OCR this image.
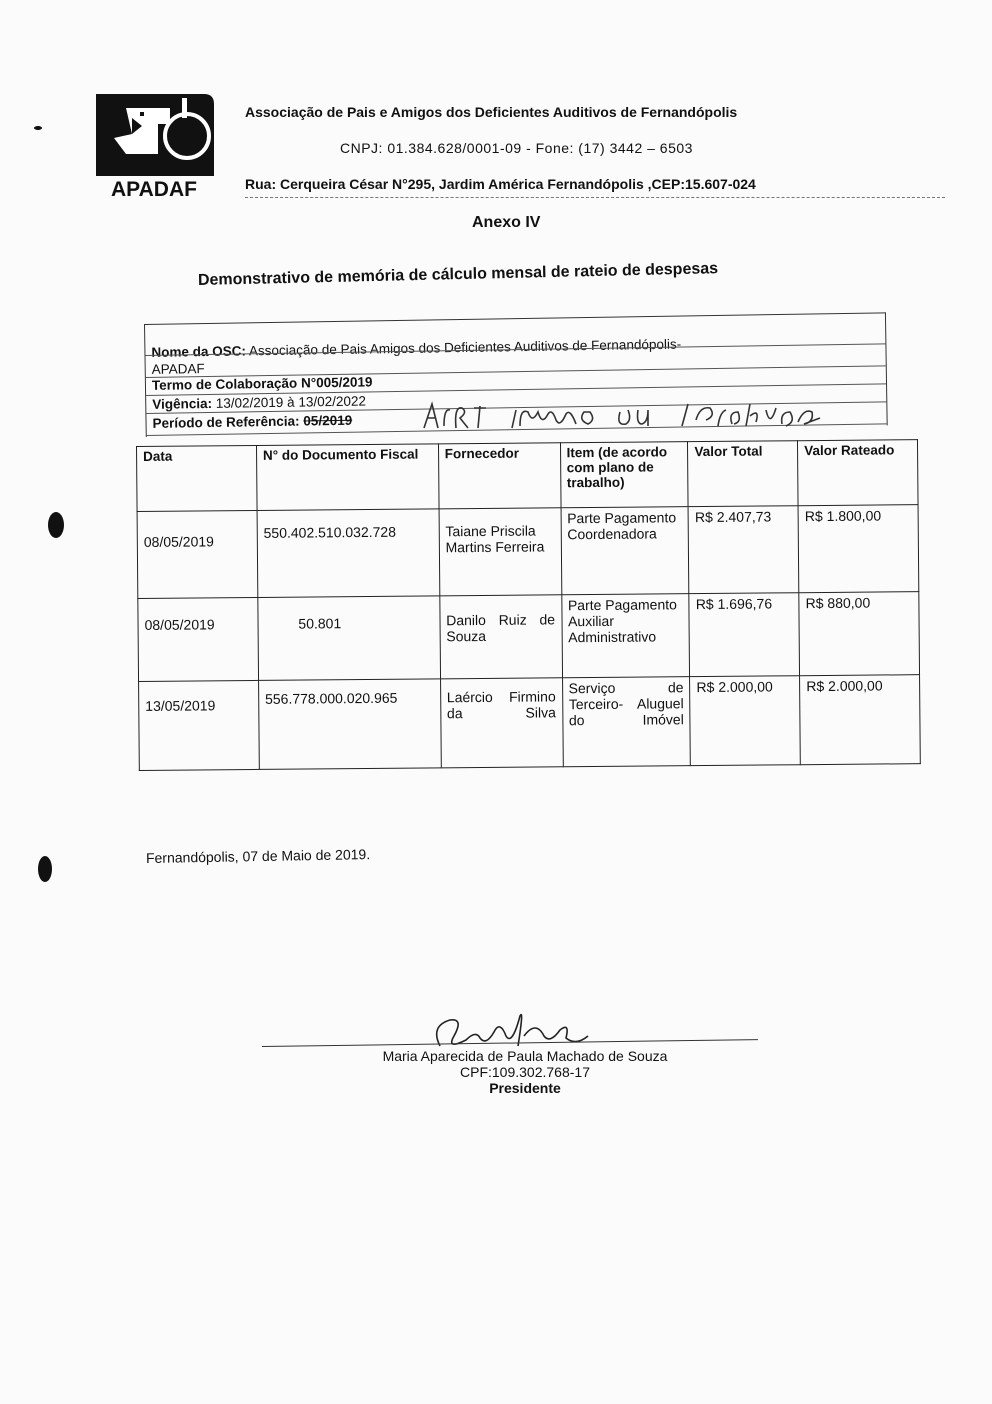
APADAF
Associação de Pais e Amigos dos Deficientes Auditivos de Fernandópolis
CNPJ: 01.384.628/0001-09 - Fone: (17) 3442 – 6503
Rua: Cerqueira César N°295, Jardim América Fernandópolis ,CEP:15.607-024
Anexo IV
Demonstrativo de memória de cálculo mensal de rateio de despesas
Nome da OSC: Associação de Pais Amigos dos Deficientes Auditivos de Fernandópolis-
APADAF
Termo de Colaboração N°005/2019
Vigência: 13/02/2019 à 13/02/2022
Período de Referência: 05/2019
Data	N° do Documento Fiscal	Fornecedor	Item (de acordo com plano de trabalho)	Valor Total	Valor Rateado
08/05/2019	550.402.510.032.728	Taiane Priscila Martins Ferreira	Parte Pagamento Coordenadora	R$ 2.407,73	R$ 1.800,00
08/05/2019	50.801	Danilo Ruiz de Souza	Parte Pagamento Auxiliar Administrativo	R$ 1.696,76	R$ 880,00
13/05/2019	556.778.000.020.965	Laércio Firmino da Silva	Serviço de Terceiro- Aluguel do Imóvel	R$ 2.000,00	R$ 2.000,00
Fernandópolis, 07 de Maio de 2019.
Maria Aparecida de Paula Machado de Souza
CPF:109.302.768-17
Presidente
